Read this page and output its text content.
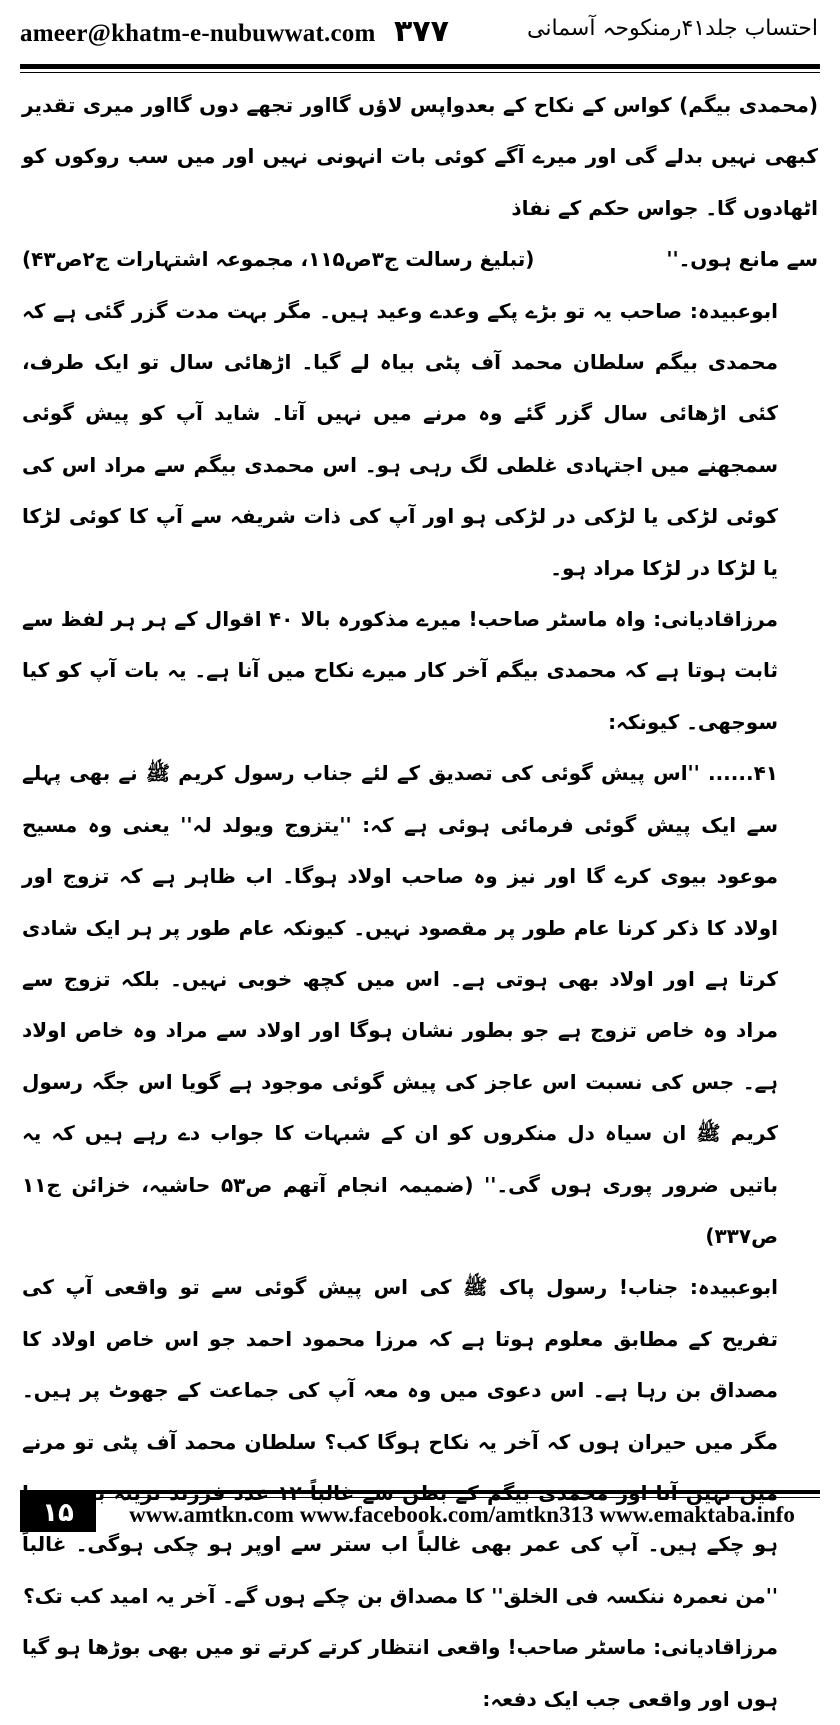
ameer@khatm-e-nubuwwat.com ۳۷۷	احتساب جلد۴۱رمنکوحہ آسمانی

(محمدی بیگم) کواس کے نکاح کے بعدواپس لاؤں گااور تجھے دوں گااور میری تقدیر کبھی نہیں بدلے گی اور میرے آگے کوئی بات انہونی نہیں اور میں سب روکوں کو اٹھادوں گا۔ جواس حکم کے نفاذ

سے مانع ہوں۔''
(تبلیغ رسالت ج۳ص۱۱۵، مجموعہ اشتہارات ج۲ص۴۳)

ابوعبیدہ: صاحب یہ تو بڑے پکے وعدے وعید ہیں۔ مگر بہت مدت گزر گئی ہے کہ محمدی بیگم سلطان محمد آف پٹی بیاہ لے گیا۔ اڑھائی سال تو ایک طرف، کئی اڑھائی سال گزر گئے وہ مرنے میں نہیں آتا۔ شاید آپ کو پیش گوئی سمجھنے میں اجتہادی غلطی لگ رہی ہو۔ اس محمدی بیگم سے مراد اس کی کوئی لڑکی یا لڑکی در لڑکی ہو اور آپ کی ذات شریفہ سے آپ کا کوئی لڑکا یا لڑکا در لڑکا مراد ہو۔

مرزاقادیانی: واہ ماسٹر صاحب! میرے مذکورہ بالا ۴۰ اقوال کے ہر ہر لفظ سے ثابت ہوتا ہے کہ محمدی بیگم آخر کار میرے نکاح میں آنا ہے۔ یہ بات آپ کو کیا سوجھی۔ کیونکہ:

۴۱...... ''اس پیش گوئی کی تصدیق کے لئے جناب رسول کریم ﷺ نے بھی پہلے سے ایک پیش گوئی فرمائی ہوئی ہے کہ: ''یتزوج ویولد لہ'' یعنی وہ مسیح موعود بیوی کرے گا اور نیز وہ صاحب اولاد ہوگا۔ اب ظاہر ہے کہ تزوج اور اولاد کا ذکر کرنا عام طور پر مقصود نہیں۔ کیونکہ عام طور پر ہر ایک شادی کرتا ہے اور اولاد بھی ہوتی ہے۔ اس میں کچھ خوبی نہیں۔ بلکہ تزوج سے مراد وہ خاص تزوج ہے جو بطور نشان ہوگا اور اولاد سے مراد وہ خاص اولاد ہے۔ جس کی نسبت اس عاجز کی پیش گوئی موجود ہے گویا اس جگہ رسول کریم ﷺ ان سیاہ دل منکروں کو ان کے شبہات کا جواب دے رہے ہیں کہ یہ باتیں ضرور پوری ہوں گی۔'' (ضمیمہ انجام آتھم ص۵۳ حاشیہ، خزائن ج۱۱ ص۳۳۷)

ابوعبیدہ: جناب! رسول پاک ﷺ کی اس پیش گوئی سے تو واقعی آپ کی تفریح کے مطابق معلوم ہوتا ہے کہ مرزا محمود احمد جو اس خاص اولاد کا مصداق بن رہا ہے۔ اس دعوی میں وہ معہ آپ کی جماعت کے جھوٹ پر ہیں۔ مگر میں حیران ہوں کہ آخر یہ نکاح ہوگا کب؟ سلطان محمد آف پٹی تو مرنے ہو چکے ہیں۔ آپ کی عمر بھی غالباً اب ستر سے اوپر ہو چکی ہوگی۔ غالباً ''من نعمرہ ننکسہ فی الخلق'' کا مصداق بن چکے ہوں گے۔ آخر یہ امید کب تک؟

مرزاقادیانی: ماسٹر صاحب! واقعی انتظار کرتے کرتے تو میں بھی بوڑھا ہو گیا ہوں اور واقعی جب ایک دفعہ:

۱۵	www.amtkn.com www.facebook.com/amtkn313 www.emaktaba.info
